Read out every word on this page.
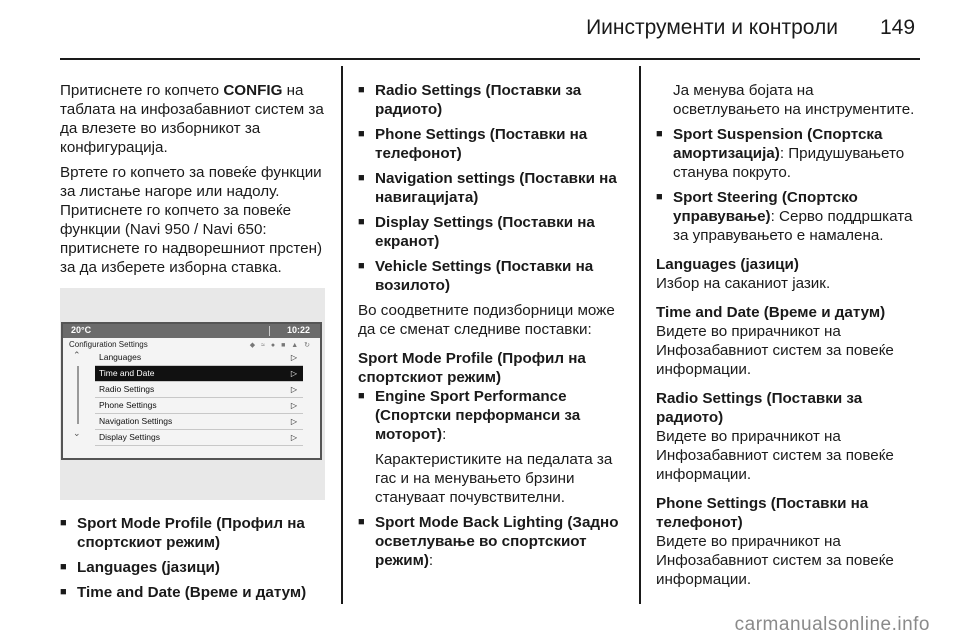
Иинструменти и контроли 149

Притиснете го копчето CONFIG на таблата на инфозабавниот систем за да влезете во изборникот за конфигурација.

Вртете го копчето за повеќе функции за листање нагоре или надолу. Притиснете го копчето за повеќе функции (Navi 950 / Navi 650: притиснете го надворешниот прстен) за да изберете изборна ставка.

20°C	10:22
Configuration Settings	◆ ≈ ● ■ ▲ ↻
⌃
⌄
Languages	▷
Time and Date	▷
Radio Settings	▷
Phone Settings	▷
Navigation Settings	▷
Display Settings	▷
■ Sport Mode Profile (Профил на спортскиот режим)
■ Languages (јазици)
■ Time and Date (Време и датум)
■ Radio Settings (Поставки за радиото)
■ Phone Settings (Поставки на телефонот)
■ Navigation settings (Поставки на навигацијата)
■ Display Settings (Поставки на екранот)
■ Vehicle Settings (Поставки на возилото)

Во соодветните подизборници може да се сменат следниве поставки:

Sport Mode Profile (Профил на спортскиот режим)
■ Engine Sport Performance (Спортски перформанси за моторот):

Карактеристиките на педалата за гас и на менувањето брзини стануваат почувствителни.

■ Sport Mode Back Lighting (Задно осветлување во спортскиот режим):

Ја менува бојата на осветлувањето на инструментите.

■ Sport Suspension (Спортска амортизација): Придушувањето станува покруто.
■ Sport Steering (Спортско управување): Серво поддршката за управувањето е намалена.
Languages (јазици)

Избор на саканиот јазик.

Time and Date (Време и датум)

Видете во прирачникот на Инфозабавниот систем за повеќе информации.

Radio Settings (Поставки за радиото)

Видете во прирачникот на Инфозабавниот систем за повеќе информации.

Phone Settings (Поставки на телефонот)

Видете во прирачникот на Инфозабавниот систем за повеќе информации.

carmanualsonline.info
